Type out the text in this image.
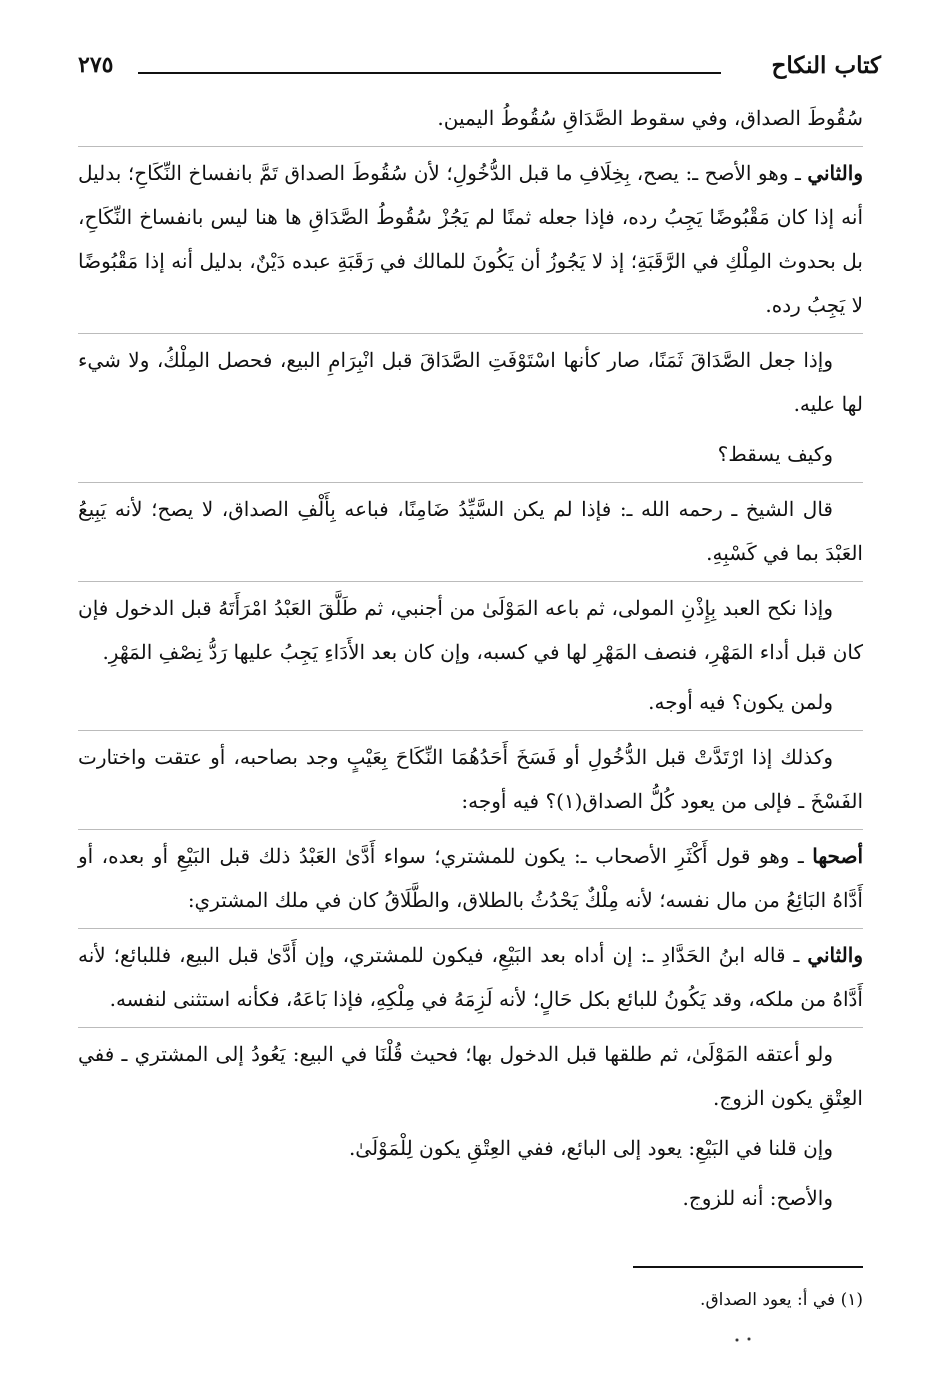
كتاب النكاح
٢٧٥

سُقُوطَ الصداق، وفي سقوط الصَّدَاقِ سُقُوطُ اليمين.

والثاني ـ وهو الأصح ـ: يصح، بِخِلَافِ ما قبل الدُّخُولِ؛ لأن سُقُوطَ الصداق تَمَّ بانفساخ النِّكَاحِ؛ بدليل أنه إذا كان مَقْبُوضًا يَجِبُ رده، فإذا جعله ثمنًا لم يَجُزْ سُقُوطُ الصَّدَاقِ ها هنا ليس بانفساخ النِّكَاحِ، بل بحدوث المِلْكِ في الرَّقَبَةِ؛ إذ لا يَجُوزُ أن يَكُونَ للمالك في رَقَبَةِ عبده دَيْنٌ، بدليل أنه إذا مَقْبُوضًا لا يَجِبُ رده.

وإذا جعل الصَّدَاقَ ثَمَنًا، صار كأنها اسْتَوْفَتِ الصَّدَاقَ قبل انْبِرَامِ البيع، فحصل المِلْكُ، ولا شيء لها عليه.

وكيف يسقط؟

قال الشيخ ـ رحمه الله ـ: فإذا لم يكن السَّيِّدُ ضَامِنًا، فباعه بِأَلْفِ الصداق، لا يصح؛ لأنه يَبِيعُ العَبْدَ بما في كَسْبِهِ.

وإذا نكح العبد بِإِذْنِ المولى، ثم باعه المَوْلَىٰ من أجنبي، ثم طَلَّقَ العَبْدُ امْرَأَتَهُ قبل الدخول فإن كان قبل أداء المَهْرِ، فنصف المَهْرِ لها في كسبه، وإن كان بعد الأَدَاءِ يَجِبُ عليها رَدُّ نِصْفِ المَهْرِ.

ولمن يكون؟ فيه أوجه.

وكذلك إذا ارْتَدَّتْ قبل الدُّخُولِ أو فَسَخَ أَحَدُهُمَا النِّكَاحَ بِعَيْبٍ وجد بصاحبه، أو عتقت واختارت الفَسْخَ ـ فإلى من يعود كُلُّ الصداق(١)؟ فيه أوجه:

أصحها ـ وهو قول أَكْثَرِ الأصحاب ـ: يكون للمشتري؛ سواء أَدَّىٰ العَبْدُ ذلك قبل البَيْعِ أو بعده، أو أَدَّاهُ البَائِعُ من مال نفسه؛ لأنه مِلْكٌ يَحْدُثُ بالطلاق، والطَّلَاقُ كان في ملك المشتري:

والثاني ـ قاله ابنُ الحَدَّادِ ـ: إن أداه بعد البَيْعِ، فيكون للمشتري، وإن أَدَّىٰ قبل البيع، فللبائع؛ لأنه أَدَّاهُ من ملكه، وقد يَكُونُ للبائع بكل حَالٍ؛ لأنه لَزِمَهُ في مِلْكِهِ، فإذا بَاعَهُ، فكأنه استثنى لنفسه.

ولو أعتقه المَوْلَىٰ، ثم طلقها قبل الدخول بها؛ فحيث قُلْنَا في البيع: يَعُودُ إلى المشتري ـ ففي العِتْقِ يكون الزوج.

وإن قلنا في البَيْعِ: يعود إلى البائع، ففي العِتْقِ يكون لِلْمَوْلَىٰ.

والأصح: أنه للزوج.

(١) في أ: يعود الصداق.
